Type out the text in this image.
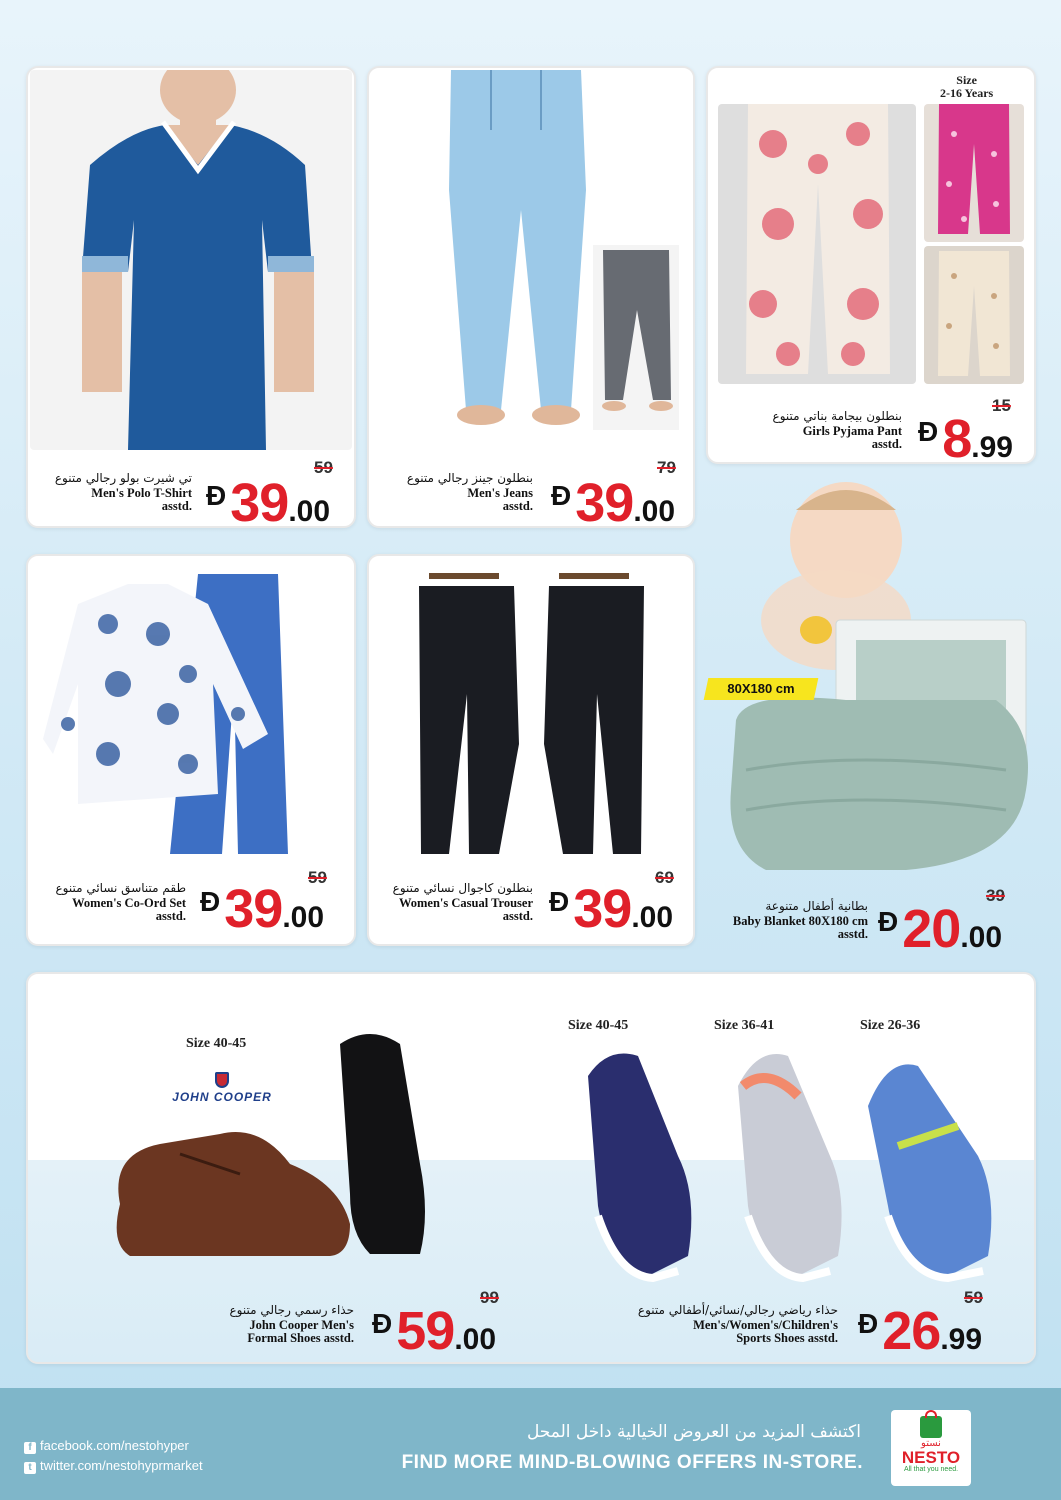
59
Đ39.00
تي شيرت بولو رجالي متنوع
Men's Polo T-Shirt
asstd.
79
Đ39.00
بنطلون جينز رجالي متنوع
Men's Jeans
asstd.
Size
2-16 Years
15
Đ8.99
بنطلون بيجامة بناتي متنوع
Girls Pyjama Pant
asstd.
59
Đ39.00
طقم متناسق نسائي متنوع
Women's Co-Ord Set
asstd.
69
Đ39.00
بنطلون كاجوال نسائي متنوع
Women's Casual Trouser
asstd.
80X180 cm
39
Đ20.00
بطانية أطفال متنوعة
Baby Blanket 80X180 cm
asstd.
Size 40-45
JOHN COOPER
Size 40-45	Size 36-41	Size 26-36
99
Đ59.00
حذاء رسمي رجالي متنوع
John Cooper Men's
Formal Shoes asstd.
59
Đ26.99
حذاء رياضي رجالي/نسائي/أطفالي متنوع
Men's/Women's/Children's
Sports Shoes asstd.
f facebook.com/nestohyper
t twitter.com/nestohyprmarket
اكتشف المزيد من العروض الخيالية داخل المحل
FIND MORE MIND-BLOWING OFFERS IN-STORE.
نستو
NESTO
All that you need.
